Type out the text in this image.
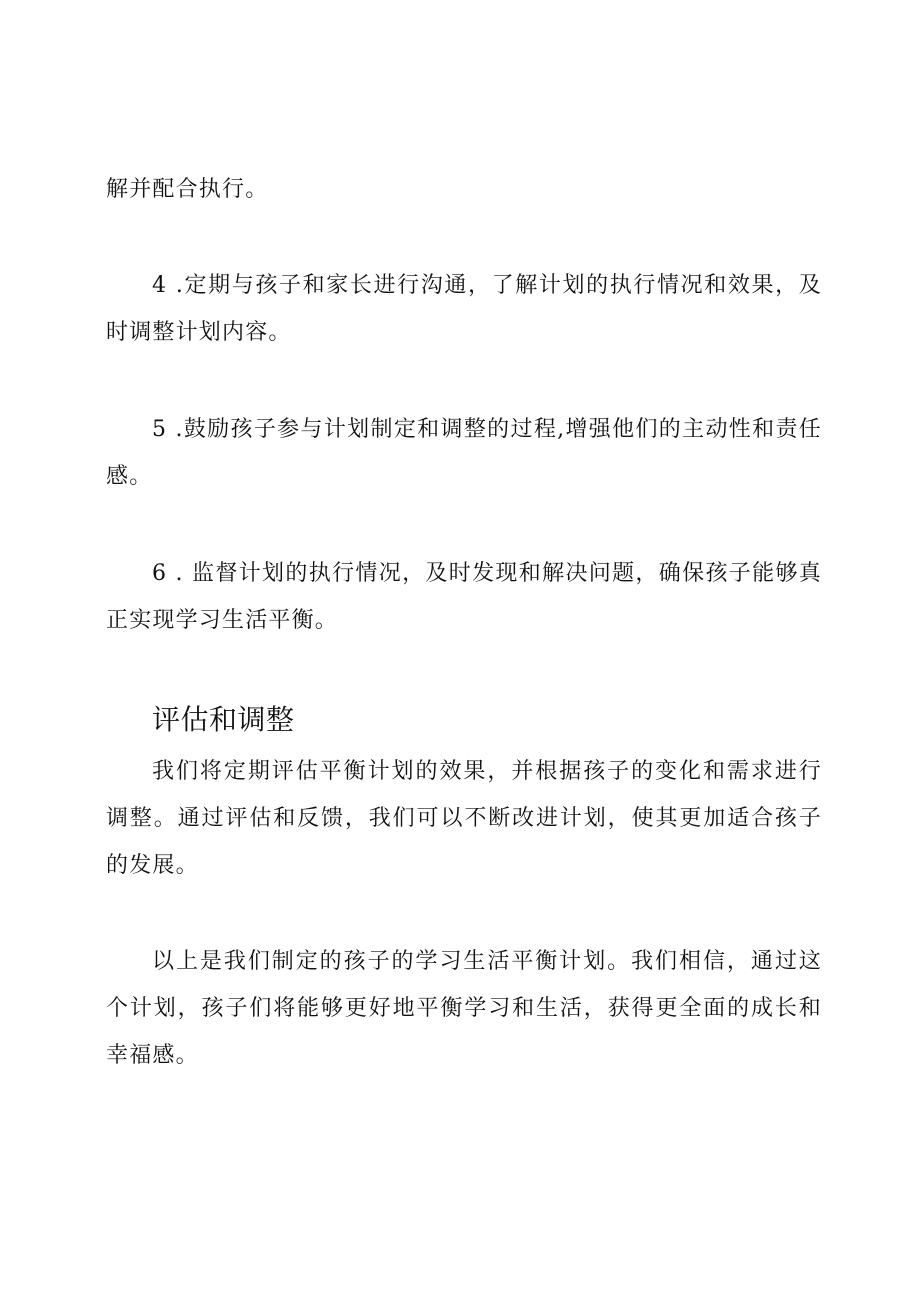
解并配合执行。

4 .定期与孩子和家长进行沟通，了解计划的执行情况和效果，及时调整计划内容。

5 .鼓励孩子参与计划制定和调整的过程,增强他们的主动性和责任感。

6 . 监督计划的执行情况，及时发现和解决问题，确保孩子能够真正实现学习生活平衡。

评估和调整

我们将定期评估平衡计划的效果，并根据孩子的变化和需求进行调整。通过评估和反馈，我们可以不断改进计划，使其更加适合孩子的发展。

以上是我们制定的孩子的学习生活平衡计划。我们相信，通过这个计划，孩子们将能够更好地平衡学习和生活，获得更全面的成长和幸福感。
